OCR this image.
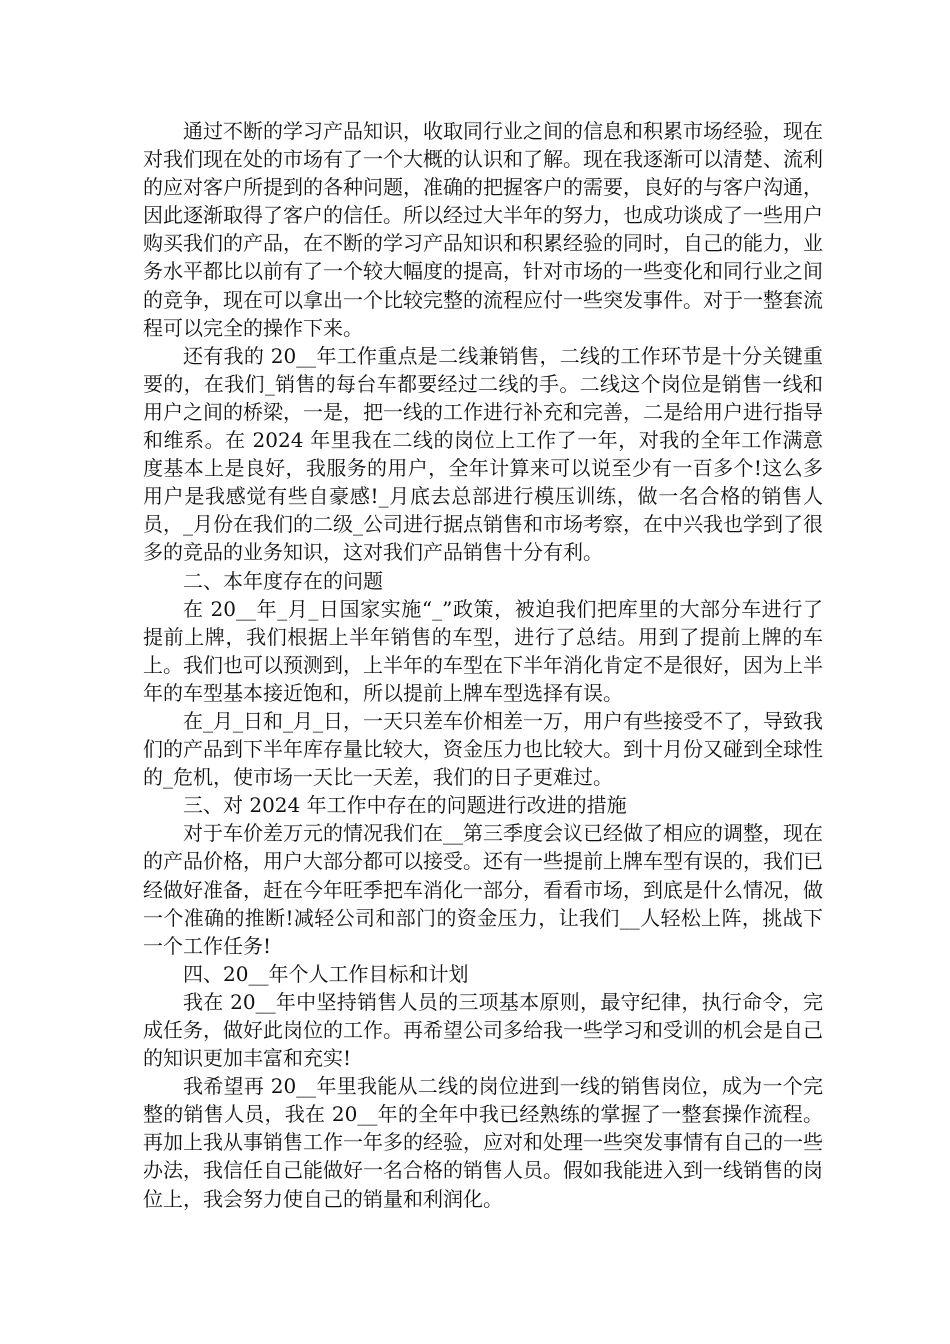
通过不断的学习产品知识，收取同行业之间的信息和积累市场经验，现在对我们现在处的市场有了一个大概的认识和了解。现在我逐渐可以清楚、流利的应对客户所提到的各种问题，准确的把握客户的需要，良好的与客户沟通，因此逐渐取得了客户的信任。所以经过大半年的努力，也成功谈成了一些用户购买我们的产品，在不断的学习产品知识和积累经验的同时，自己的能力，业务水平都比以前有了一个较大幅度的提高，针对市场的一些变化和同行业之间的竞争，现在可以拿出一个比较完整的流程应付一些突发事件。对于一整套流程可以完全的操作下来。

还有我的 20__年工作重点是二线兼销售，二线的工作环节是十分关键重要的，在我们_销售的每台车都要经过二线的手。二线这个岗位是销售一线和用户之间的桥梁，一是，把一线的工作进行补充和完善，二是给用户进行指导和维系。在 2024 年里我在二线的岗位上工作了一年，对我的全年工作满意度基本上是良好，我服务的用户，全年计算来可以说至少有一百多个!这么多用户是我感觉有些自豪感!_月底去总部进行模压训练，做一名合格的销售人员，_月份在我们的二级_公司进行据点销售和市场考察，在中兴我也学到了很多的竞品的业务知识，这对我们产品销售十分有利。

二、本年度存在的问题

在 20__年_月_日国家实施“_”政策，被迫我们把库里的大部分车进行了提前上牌，我们根据上半年销售的车型，进行了总结。用到了提前上牌的车上。我们也可以预测到，上半年的车型在下半年消化肯定不是很好，因为上半年的车型基本接近饱和，所以提前上牌车型选择有误。

在_月_日和_月_日，一天只差车价相差一万，用户有些接受不了，导致我们的产品到下半年库存量比较大，资金压力也比较大。到十月份又碰到全球性的_危机，使市场一天比一天差，我们的日子更难过。

三、对 2024 年工作中存在的问题进行改进的措施

对于车价差万元的情况我们在__第三季度会议已经做了相应的调整，现在的产品价格，用户大部分都可以接受。还有一些提前上牌车型有误的，我们已经做好准备，赶在今年旺季把车消化一部分，看看市场，到底是什么情况，做一个准确的推断!减轻公司和部门的资金压力，让我们__人轻松上阵，挑战下一个工作任务!

四、20__年个人工作目标和计划

我在 20__年中坚持销售人员的三项基本原则，最守纪律，执行命令，完成任务，做好此岗位的工作。再希望公司多给我一些学习和受训的机会是自己的知识更加丰富和充实!

我希望再 20__年里我能从二线的岗位进到一线的销售岗位，成为一个完整的销售人员，我在 20__年的全年中我已经熟练的掌握了一整套操作流程。再加上我从事销售工作一年多的经验，应对和处理一些突发事情有自己的一些办法，我信任自己能做好一名合格的销售人员。假如我能进入到一线销售的岗位上，我会努力使自己的销量和利润化。
